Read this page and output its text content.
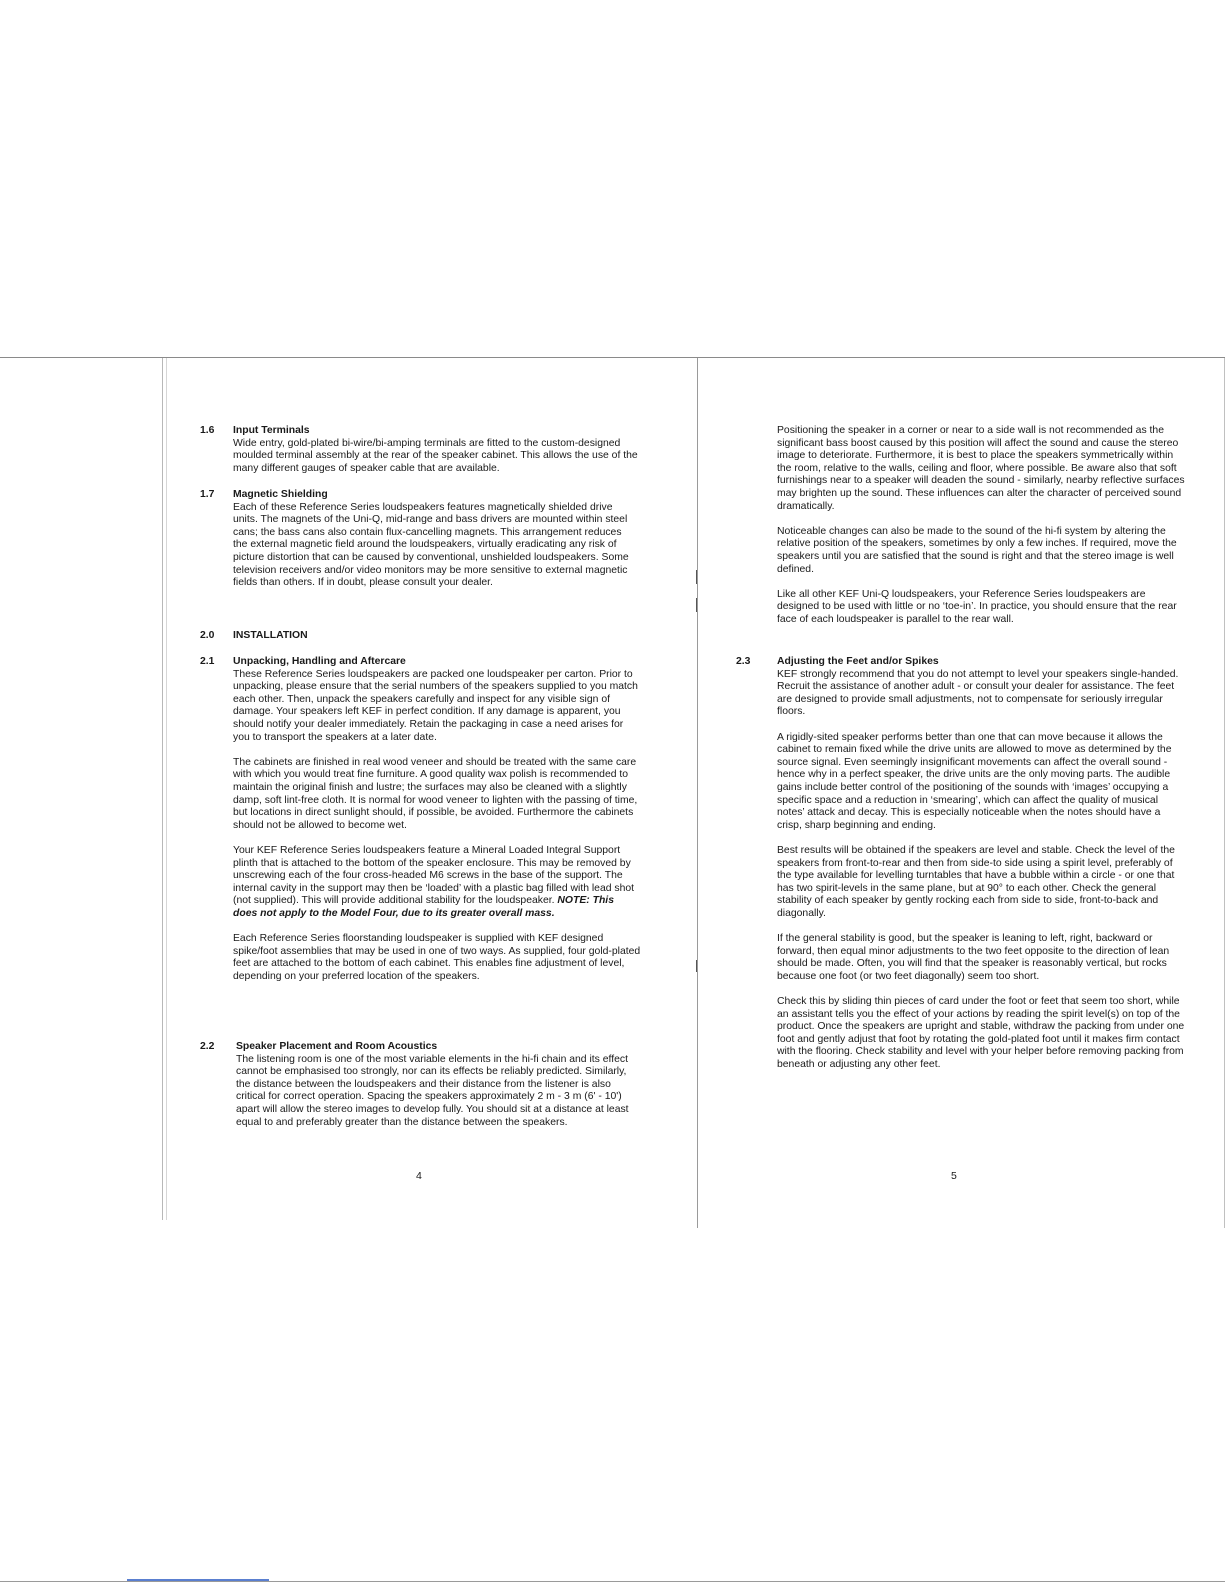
1.6 Input Terminals

Wide entry, gold-plated bi-wire/bi-amping terminals are fitted to the custom-designed moulded terminal assembly at the rear of the speaker cabinet. This allows the use of the many different gauges of speaker cable that are available.

1.7 Magnetic Shielding

Each of these Reference Series loudspeakers features magnetically shielded drive units. The magnets of the Uni-Q, mid-range and bass drivers are mounted within steel cans; the bass cans also contain flux-cancelling magnets. This arrangement reduces the external magnetic field around the loudspeakers, virtually eradicating any risk of picture distortion that can be caused by conventional, unshielded loudspeakers. Some television receivers and/or video monitors may be more sensitive to external magnetic fields than others. If in doubt, please consult your dealer.

2.0 INSTALLATION

2.1 Unpacking, Handling and Aftercare

These Reference Series loudspeakers are packed one loudspeaker per carton. Prior to unpacking, please ensure that the serial numbers of the speakers supplied to you match each other. Then, unpack the speakers carefully and inspect for any visible sign of damage. Your speakers left KEF in perfect condition. If any damage is apparent, you should notify your dealer immediately. Retain the packaging in case a need arises for you to transport the speakers at a later date.

The cabinets are finished in real wood veneer and should be treated with the same care with which you would treat fine furniture. A good quality wax polish is recommended to maintain the original finish and lustre; the surfaces may also be cleaned with a slightly damp, soft lint-free cloth. It is normal for wood veneer to lighten with the passing of time, but locations in direct sunlight should, if possible, be avoided. Furthermore the cabinets should not be allowed to become wet.

Your KEF Reference Series loudspeakers feature a Mineral Loaded Integral Support plinth that is attached to the bottom of the speaker enclosure. This may be removed by unscrewing each of the four cross-headed M6 screws in the base of the support. The internal cavity in the support may then be ‘loaded’ with a plastic bag filled with lead shot (not supplied). This will provide additional stability for the loudspeaker. NOTE: This does not apply to the Model Four, due to its greater overall mass.

Each Reference Series floorstanding loudspeaker is supplied with KEF designed spike/foot assemblies that may be used in one of two ways. As supplied, four gold-plated feet are attached to the bottom of each cabinet. This enables fine adjustment of level, depending on your preferred location of the speakers.

2.2 Speaker Placement and Room Acoustics

The listening room is one of the most variable elements in the hi-fi chain and its effect cannot be emphasised too strongly, nor can its effects be reliably predicted. Similarly, the distance between the loudspeakers and their distance from the listener is also critical for correct operation. Spacing the speakers approximately 2 m - 3 m (6' - 10') apart will allow the stereo images to develop fully. You should sit at a distance at least equal to and preferably greater than the distance between the speakers.

4

Positioning the speaker in a corner or near to a side wall is not recommended as the significant bass boost caused by this position will affect the sound and cause the stereo image to deteriorate. Furthermore, it is best to place the speakers symmetrically within the room, relative to the walls, ceiling and floor, where possible. Be aware also that soft furnishings near to a speaker will deaden the sound - similarly, nearby reflective surfaces may brighten up the sound. These influences can alter the character of perceived sound dramatically.

Noticeable changes can also be made to the sound of the hi-fi system by altering the relative position of the speakers, sometimes by only a few inches. If required, move the speakers until you are satisfied that the sound is right and that the stereo image is well defined.

Like all other KEF Uni-Q loudspeakers, your Reference Series loudspeakers are designed to be used with little or no ‘toe-in’. In practice, you should ensure that the rear face of each loudspeaker is parallel to the rear wall.

2.3	Adjusting the Feet and/or Spikes

KEF strongly recommend that you do not attempt to level your speakers single-handed. Recruit the assistance of another adult - or consult your dealer for assistance. The feet are designed to provide small adjustments, not to compensate for seriously irregular floors.

A rigidly-sited speaker performs better than one that can move because it allows the cabinet to remain fixed while the drive units are allowed to move as determined by the source signal. Even seemingly insignificant movements can affect the overall sound - hence why in a perfect speaker, the drive units are the only moving parts. The audible gains include better control of the positioning of the sounds with ‘images’ occupying a specific space and a reduction in ‘smearing’, which can affect the quality of musical notes’ attack and decay. This is especially noticeable when the notes should have a crisp, sharp beginning and ending.

Best results will be obtained if the speakers are level and stable. Check the level of the speakers from front-to-rear and then from side-to side using a spirit level, preferably of the type available for levelling turntables that have a bubble within a circle - or one that has two spirit-levels in the same plane, but at 90° to each other. Check the general stability of each speaker by gently rocking each from side to side, front-to-back and diagonally.

If the general stability is good, but the speaker is leaning to left, right, backward or forward, then equal minor adjustments to the two feet opposite to the direction of lean should be made. Often, you will find that the speaker is reasonably vertical, but rocks because one foot (or two feet diagonally) seem too short.

Check this by sliding thin pieces of card under the foot or feet that seem too short, while an assistant tells you the effect of your actions by reading the spirit level(s) on top of the product. Once the speakers are upright and stable, withdraw the packing from under one foot and gently adjust that foot by rotating the gold-plated foot until it makes firm contact with the flooring. Check stability and level with your helper before removing packing from beneath or adjusting any other feet.

5
